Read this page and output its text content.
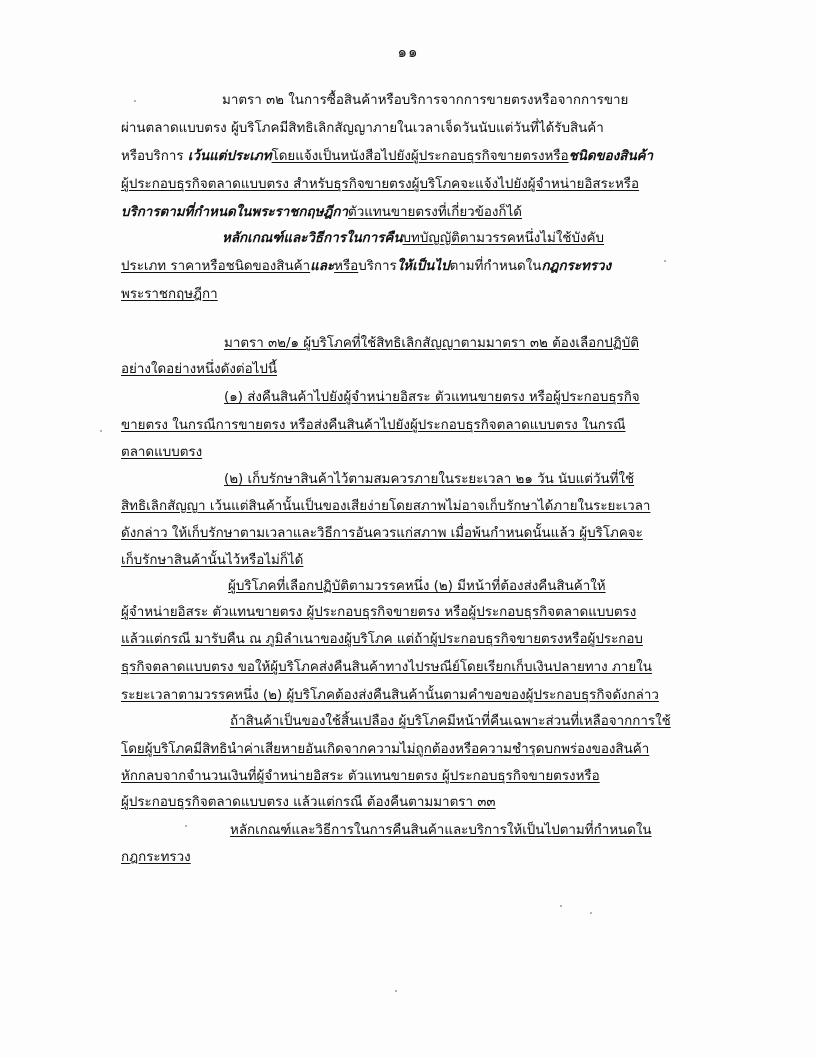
๑๑
มาตรา ๓๒ ในการซื้อสินค้าหรือบริการจากการขายตรงหรือจากการขาย
ผ่านตลาดแบบตรง ผู้บริโภคมีสิทธิเลิกสัญญาภายในเวลาเจ็ดวันนับแต่วันที่ได้รับสินค้า
หรือบริการ เว้นแต่ประเภทโดยแจ้งเป็นหนังสือไปยังผู้ประกอบธุรกิจขายตรงหรือชนิดของสินค้า
ผู้ประกอบธุรกิจตลาดแบบตรง สำหรับธุรกิจขายตรงผู้บริโภคจะแจ้งไปยังผู้จำหน่ายอิสระหรือ
บริการตามที่กำหนดในพระราชกฤษฎีกาตัวแทนขายตรงที่เกี่ยวข้องก็ได้
หลักเกณฑ์และวิธีการในการคืนบทบัญญัติตามวรรคหนึ่งไม่ใช้บังคับ
ประเภท ราคาหรือชนิดของสินค้าและหรือบริการให้เป็นไปตามที่กำหนดในกฎกระทรวง
พระราชกฤษฎีกา
มาตรา ๓๒/๑ ผู้บริโภคที่ใช้สิทธิเลิกสัญญาตามมาตรา ๓๒ ต้องเลือกปฏิบัติ
อย่างใดอย่างหนึ่งดังต่อไปนี้
(๑) ส่งคืนสินค้าไปยังผู้จำหน่ายอิสระ ตัวแทนขายตรง หรือผู้ประกอบธุรกิจ
ขายตรง ในกรณีการขายตรง หรือส่งคืนสินค้าไปยังผู้ประกอบธุรกิจตลาดแบบตรง ในกรณี
ตลาดแบบตรง
(๒) เก็บรักษาสินค้าไว้ตามสมควรภายในระยะเวลา ๒๑ วัน นับแต่วันที่ใช้
สิทธิเลิกสัญญา เว้นแต่สินค้านั้นเป็นของเสียง่ายโดยสภาพไม่อาจเก็บรักษาได้ภายในระยะเวลา
ดังกล่าว ให้เก็บรักษาตามเวลาและวิธีการอันควรแก่สภาพ เมื่อพ้นกำหนดนั้นแล้ว ผู้บริโภคจะ
เก็บรักษาสินค้านั้นไว้หรือไม่ก็ได้
ผู้บริโภคที่เลือกปฏิบัติตามวรรคหนึ่ง (๒) มีหน้าที่ต้องส่งคืนสินค้าให้
ผู้จำหน่ายอิสระ ตัวแทนขายตรง ผู้ประกอบธุรกิจขายตรง หรือผู้ประกอบธุรกิจตลาดแบบตรง
แล้วแต่กรณี มารับคืน ณ ภูมิลำเนาของผู้บริโภค แต่ถ้าผู้ประกอบธุรกิจขายตรงหรือผู้ประกอบ
ธุรกิจตลาดแบบตรง ขอให้ผู้บริโภคส่งคืนสินค้าทางไปรษณีย์โดยเรียกเก็บเงินปลายทาง ภายใน
ระยะเวลาตามวรรคหนึ่ง (๒) ผู้บริโภคต้องส่งคืนสินค้านั้นตามคำขอของผู้ประกอบธุรกิจดังกล่าว
ถ้าสินค้าเป็นของใช้สิ้นเปลือง ผู้บริโภคมีหน้าที่คืนเฉพาะส่วนที่เหลือจากการใช้
โดยผู้บริโภคมีสิทธินำค่าเสียหายอันเกิดจากความไม่ถูกต้องหรือความชำรุดบกพร่องของสินค้า
หักกลบจากจำนวนเงินที่ผู้จำหน่ายอิสระ ตัวแทนขายตรง ผู้ประกอบธุรกิจขายตรงหรือ
ผู้ประกอบธุรกิจตลาดแบบตรง แล้วแต่กรณี ต้องคืนตามมาตรา ๓๓
หลักเกณฑ์และวิธีการในการคืนสินค้าและบริการให้เป็นไปตามที่กำหนดใน
กฎกระทรวง
